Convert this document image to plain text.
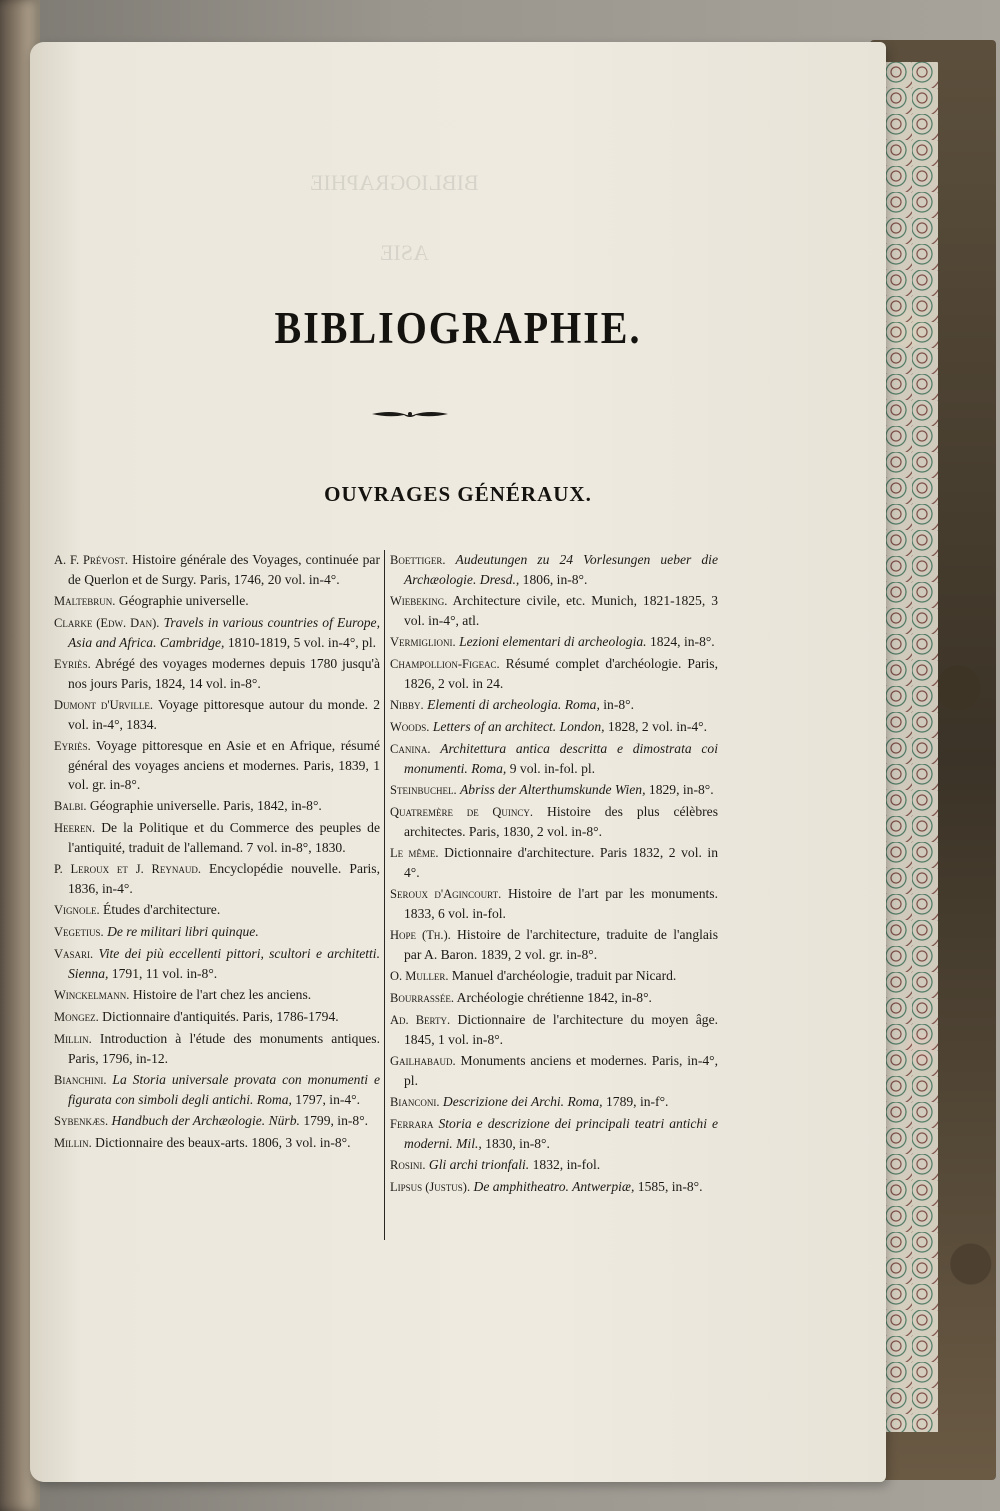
BIBLIOGRAPHIE
ASIE
BIBLIOGRAPHIE.
OUVRAGES GÉNÉRAUX.
A. F. Prévost. Histoire générale des Voyages, continuée par de Querlon et de Surgy. Paris, 1746, 20 vol. in-4°.
Maltebrun. Géographie universelle.
Clarke (Edw. Dan). Travels in various countries of Europe, Asia and Africa. Cambridge, 1810-1819, 5 vol. in-4°, pl.
Eyriès. Abrégé des voyages modernes depuis 1780 jusqu'à nos jours Paris, 1824, 14 vol. in-8°.
Dumont d'Urville. Voyage pittoresque autour du monde. 2 vol. in-4°, 1834.
Eyriès. Voyage pittoresque en Asie et en Afrique, résumé général des voyages anciens et modernes. Paris, 1839, 1 vol. gr. in-8°.
Balbi. Géographie universelle. Paris, 1842, in-8°.
Heeren. De la Politique et du Commerce des peuples de l'antiquité, traduit de l'allemand. 7 vol. in-8°, 1830.
P. Leroux et J. Reynaud. Encyclopédie nouvelle. Paris, 1836, in-4°.
Vignole. Études d'architecture.
Vegetius. De re militari libri quinque.
Vasari. Vite dei più eccellenti pittori, scultori e architetti. Sienna, 1791, 11 vol. in-8°.
Winckelmann. Histoire de l'art chez les anciens.
Mongez. Dictionnaire d'antiquités. Paris, 1786-1794.
Millin. Introduction à l'étude des monuments antiques. Paris, 1796, in-12.
Bianchini. La Storia universale provata con monumenti e figurata con simboli degli antichi. Roma, 1797, in-4°.
Sybenkæs. Handbuch der Archæologie. Nürb. 1799, in-8°.
Millin. Dictionnaire des beaux-arts. 1806, 3 vol. in-8°.
Boettiger. Audeutungen zu 24 Vorlesungen ueber die Archæologie. Dresd., 1806, in-8°.
Wiebeking. Architecture civile, etc. Munich, 1821-1825, 3 vol. in-4°, atl.
Vermiglioni. Lezioni elementari di archeologia. 1824, in-8°.
Champollion-Figeac. Résumé complet d'archéologie. Paris, 1826, 2 vol. in 24.
Nibby. Elementi di archeologia. Roma, in-8°.
Woods. Letters of an architect. London, 1828, 2 vol. in-4°.
Canina. Architettura antica descritta e dimostrata coi monumenti. Roma, 9 vol. in-fol. pl.
Steinbuchel. Abriss der Alterthumskunde Wien, 1829, in-8°.
Quatremère de Quincy. Histoire des plus célèbres architectes. Paris, 1830, 2 vol. in-8°.
Le même. Dictionnaire d'architecture. Paris 1832, 2 vol. in 4°.
Seroux d'Agincourt. Histoire de l'art par les monuments. 1833, 6 vol. in-fol.
Hope (Th.). Histoire de l'architecture, traduite de l'anglais par A. Baron. 1839, 2 vol. gr. in-8°.
O. Muller. Manuel d'archéologie, traduit par Nicard.
Bourrassée. Archéologie chrétienne 1842, in-8°.
Ad. Berty. Dictionnaire de l'architecture du moyen âge. 1845, 1 vol. in-8°.
Gailhabaud. Monuments anciens et modernes. Paris, in-4°, pl.
Bianconi. Descrizione dei Archi. Roma, 1789, in-f°.
Ferrara Storia e descrizione dei principali teatri antichi e moderni. Mil., 1830, in-8°.
Rosini. Gli archi trionfali. 1832, in-fol.
Lipsus (Justus). De amphitheatro. Antwerpiæ, 1585, in-8°.
